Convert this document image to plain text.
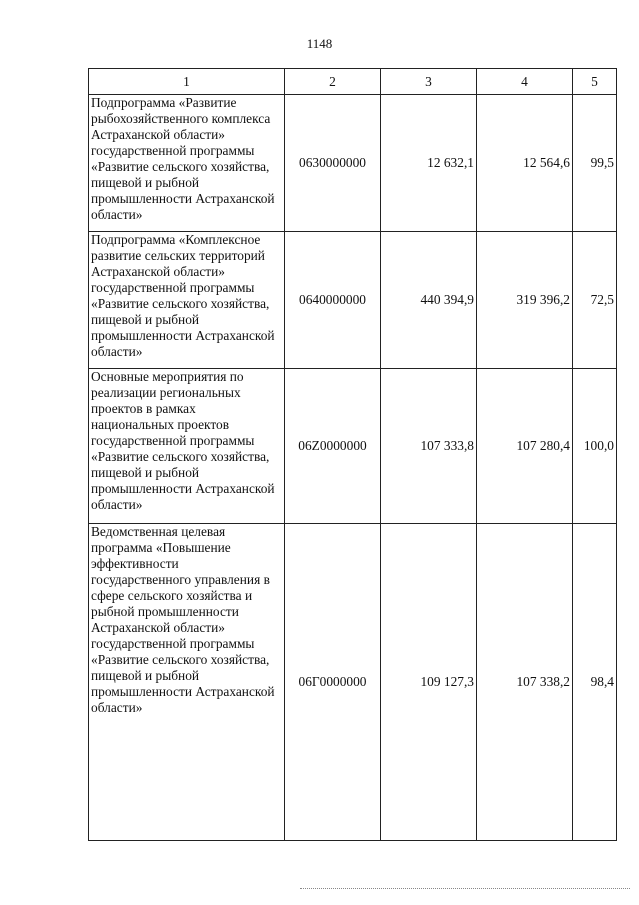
1148
1	2	3	4	5
Подпрограмма «Развитие рыбохозяйственного комплекса Астраханской области» государственной программы «Развитие сельского хозяйства, пищевой и рыбной промышленности Астраханской области»	0630000000	12 632,1	12 564,6	99,5
Подпрограмма «Комплексное развитие сельских территорий Астраханской области» государственной программы «Развитие сельского хозяйства, пищевой и рыбной промышленности Астраханской области»	0640000000	440 394,9	319 396,2	72,5
Основные мероприятия по реализации региональных проектов в рамках национальных проектов государственной программы «Развитие сельского хозяйства, пищевой и рыбной промышленности Астраханской области»	06Z0000000	107 333,8	107 280,4	100,0
Ведомственная целевая программа «Повышение эффективности государственного управления в сфере сельского хозяйства и рыбной промышленности Астраханской области» государственной программы «Развитие сельского хозяйства, пищевой и рыбной промышленности Астраханской области»	06Г0000000	109 127,3	107 338,2	98,4
